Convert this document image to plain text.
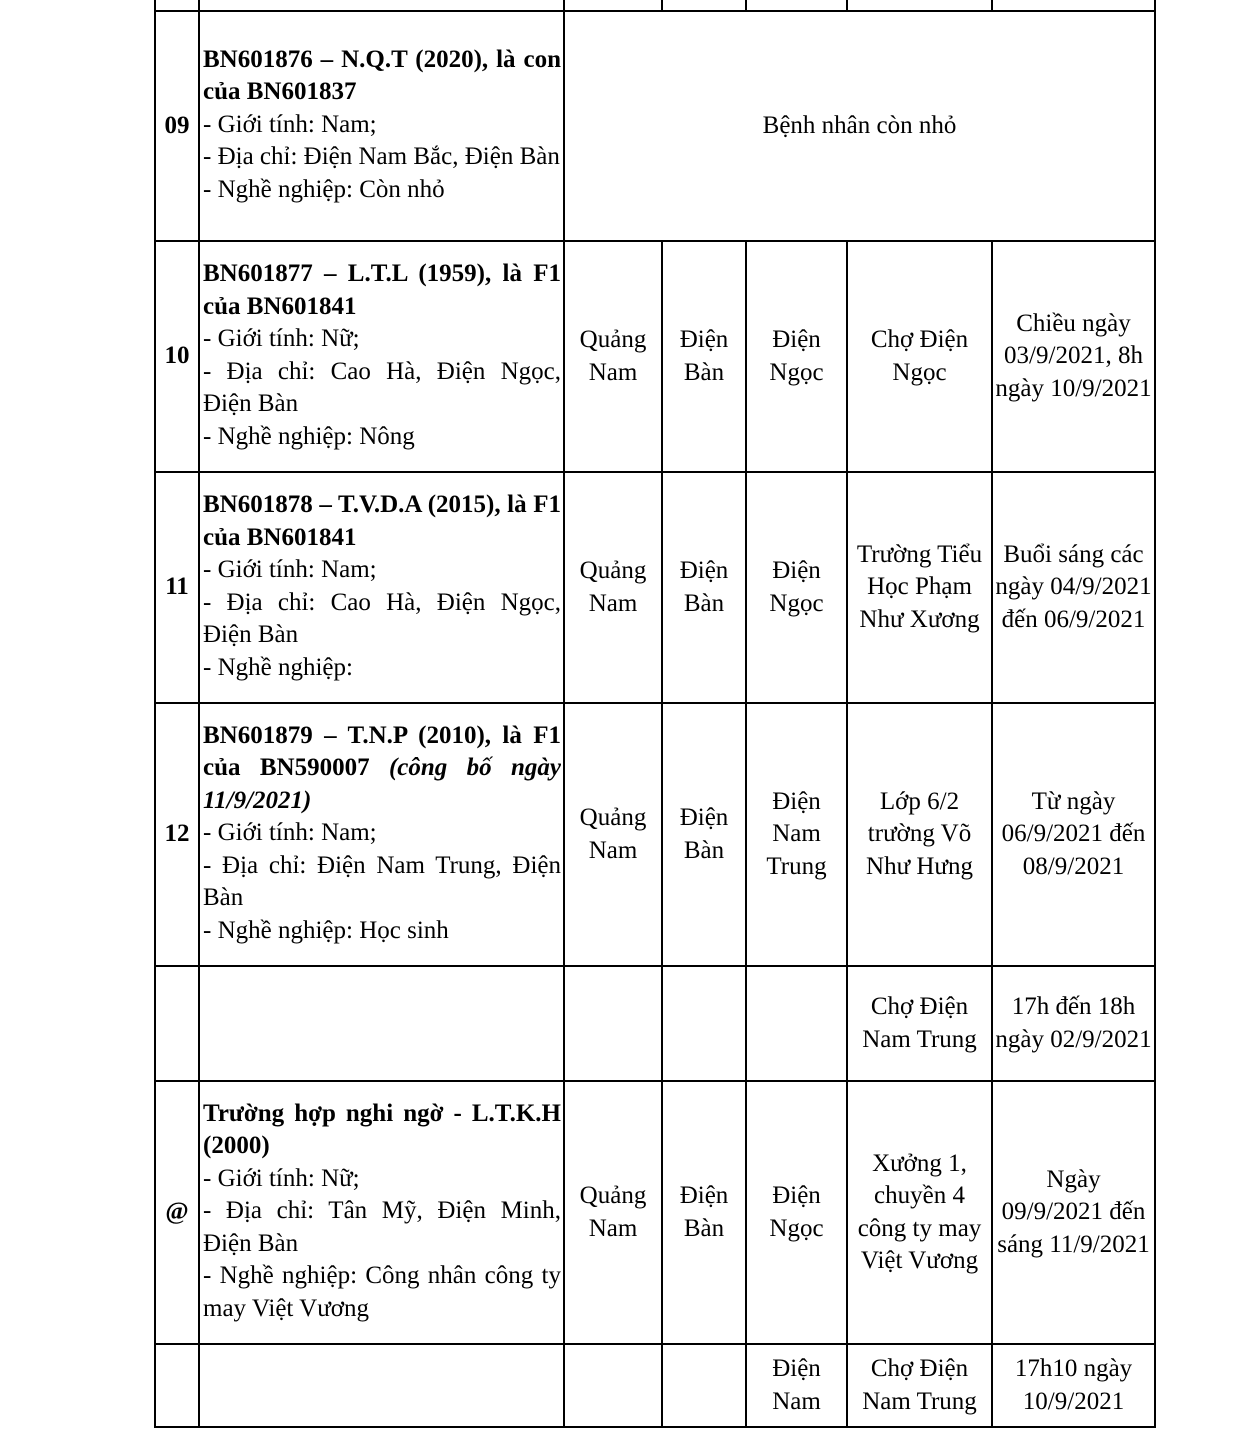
09	BN601876 – N.Q.T (2020), là con của BN601837
- Giới tính: Nam;
- Địa chỉ: Điện Nam Bắc, Điện Bàn
- Nghề nghiệp: Còn nhỏ	Bệnh nhân còn nhỏ				
10	BN601877 – L.T.L (1959), là F1 của BN601841
- Giới tính: Nữ;
- Địa chỉ: Cao Hà, Điện Ngọc, Điện Bàn
- Nghề nghiệp: Nông	Quảng Nam	Điện Bàn	Điện Ngọc	Chợ Điện Ngọc	Chiều ngày 03/9/2021, 8h ngày 10/9/2021
11	BN601878 – T.V.D.A (2015), là F1 của BN601841
- Giới tính: Nam;
- Địa chỉ: Cao Hà, Điện Ngọc, Điện Bàn
- Nghề nghiệp:	Quảng Nam	Điện Bàn	Điện Ngọc	Trường Tiểu Học Phạm Như Xương	Buổi sáng các ngày 04/9/2021 đến 06/9/2021
12	BN601879 – T.N.P (2010), là F1 của BN590007 (công bố ngày 11/9/2021)
- Giới tính: Nam;
- Địa chỉ: Điện Nam Trung, Điện Bàn
- Nghề nghiệp: Học sinh	Quảng Nam	Điện Bàn	Điện Nam Trung	Lớp 6/2 trường Võ Như Hưng	Từ ngày 06/9/2021 đến 08/9/2021
					Chợ Điện Nam Trung	17h đến 18h ngày 02/9/2021
@	Trường hợp nghi ngờ - L.T.K.H (2000)
- Giới tính: Nữ;
- Địa chỉ: Tân Mỹ, Điện Minh, Điện Bàn
- Nghề nghiệp: Công nhân công ty may Việt Vương	Quảng Nam	Điện Bàn	Điện Ngọc	Xưởng 1, chuyền 4 công ty may Việt Vương	Ngày 09/9/2021 đến sáng 11/9/2021
				Điện Nam	Chợ Điện Nam Trung	17h10 ngày 10/9/2021
